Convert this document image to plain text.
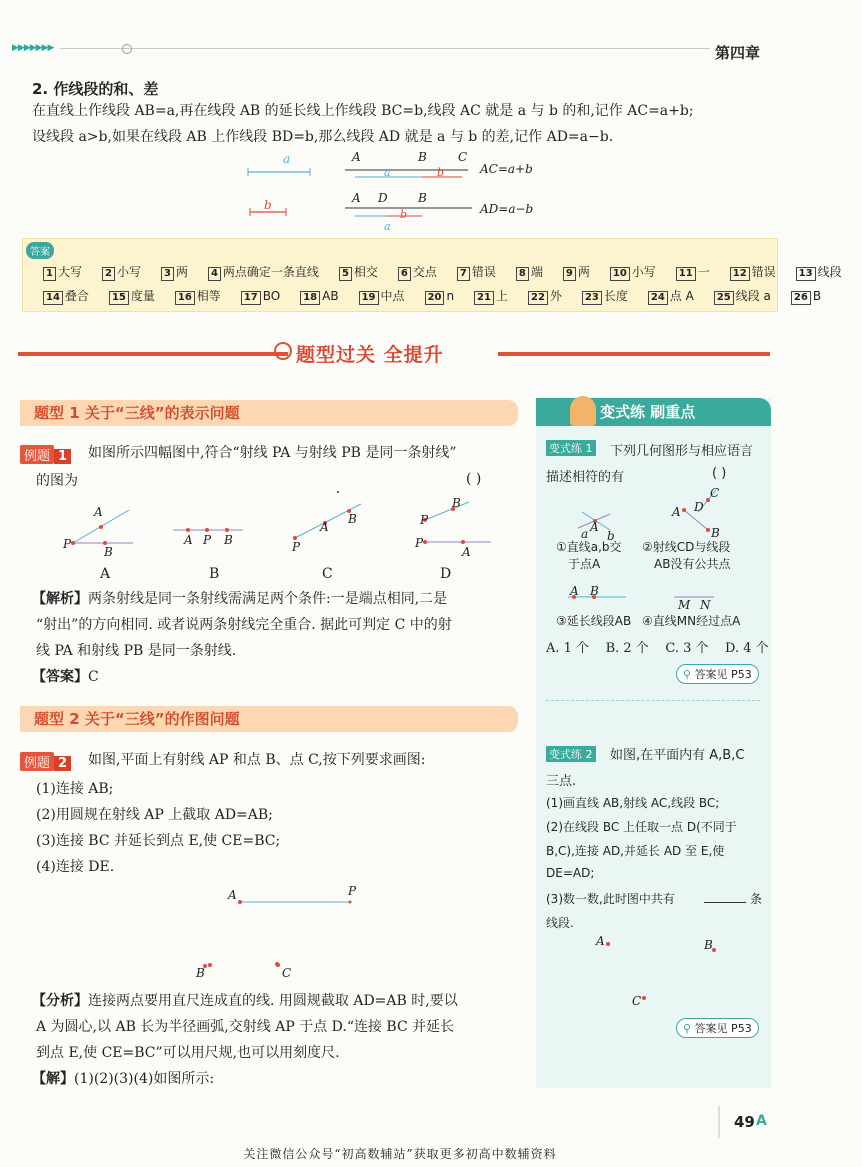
▶▶▶▶▶▶▶	第四章
2. 作线段的和、差
在直线上作线段 AB=a,再在线段 AB 的延长线上作线段 BC=b,线段 AC 就是 a 与 b 的和,记作 AC=a+b;
设线段 a>b,如果在线段 AB 上作线段 BD=b,那么线段 AD 就是 a 与 b 的差,记作 AD=a−b.
a
b
A	B	C
a	b	AC=a+b
A D	B
b
a
AD=a−b
1 大写 2 小写 3 两 4 两点确定一条直线 5 相交 6 交点 7 错误 8 端 9 两 10 小写 11 一 12 错误 13 线段
14 叠合 15 度量 16 相等 17 BO 18 AB 19 中点 20 n 21 上 22 外 23 长度 24 点 A 25 线段 a 26 B
答案
题型过关 全提升
题型 1 关于“三线”的表示问题
例题 1 如图所示四幅图中,符合“射线 PA 与射线 PB 是同一条射线”
的图为	( )
A
P
B
A P B	P
A
B
B
P
P
A
A	B	C	D
【解析】两条射线是同一条射线需满足两个条件:一是端点相同,二是
“射出”的方向相同. 或者说两条射线完全重合. 据此可判定 C 中的射
线 PA 和射线 PB 是同一条射线.
【答案】C
题型 2 关于“三线”的作图问题
例题 2 如图,平面上有射线 AP 和点 B、点 C,按下列要求画图:
(1)连接 AB;
(2)用圆规在射线 AP 上截取 AD=AB;
(3)连接 BC 并延长到点 E,使 CE=BC;
(4)连接 DE.
A	P
B	C
【分析】连接两点要用直尺连成直的线. 用圆规截取 AD=AB 时,要以
A 为圆心,以 AB 长为半径画弧,交射线 AP 于点 D.“连接 BC 并延长
到点 E,使 CE=BC”可以用尺规,也可以用刻度尺.
【解】(1)(2)(3)(4)如图所示:
变式练 刷重点
变式练 1 下列几何图形与相应语言
描述相符的有	( )
a A
b
C
D
A
B
①直线a,b交
于点A
②射线CD与线段
AB没有公共点
A B
M N
③延长线段AB ④直线MN经过点A
A. 1 个    B. 2 个    C. 3 个    D. 4 个
⚲ 答案见 P53
变式练 2 如图,在平面内有 A,B,C
三点.
(1)画直线 AB,射线 AC,线段 BC;
(2)在线段 BC 上任取一点 D(不同于
B,C),连接 AD,并延长 AD 至 E,使
DE=AD;
(3)数一数,此时图中共有	条
线段.
A	B
C
⚲ 答案见 P53
49 A
关注微信公众号“初高数辅站”获取更多初高中数辅资料
